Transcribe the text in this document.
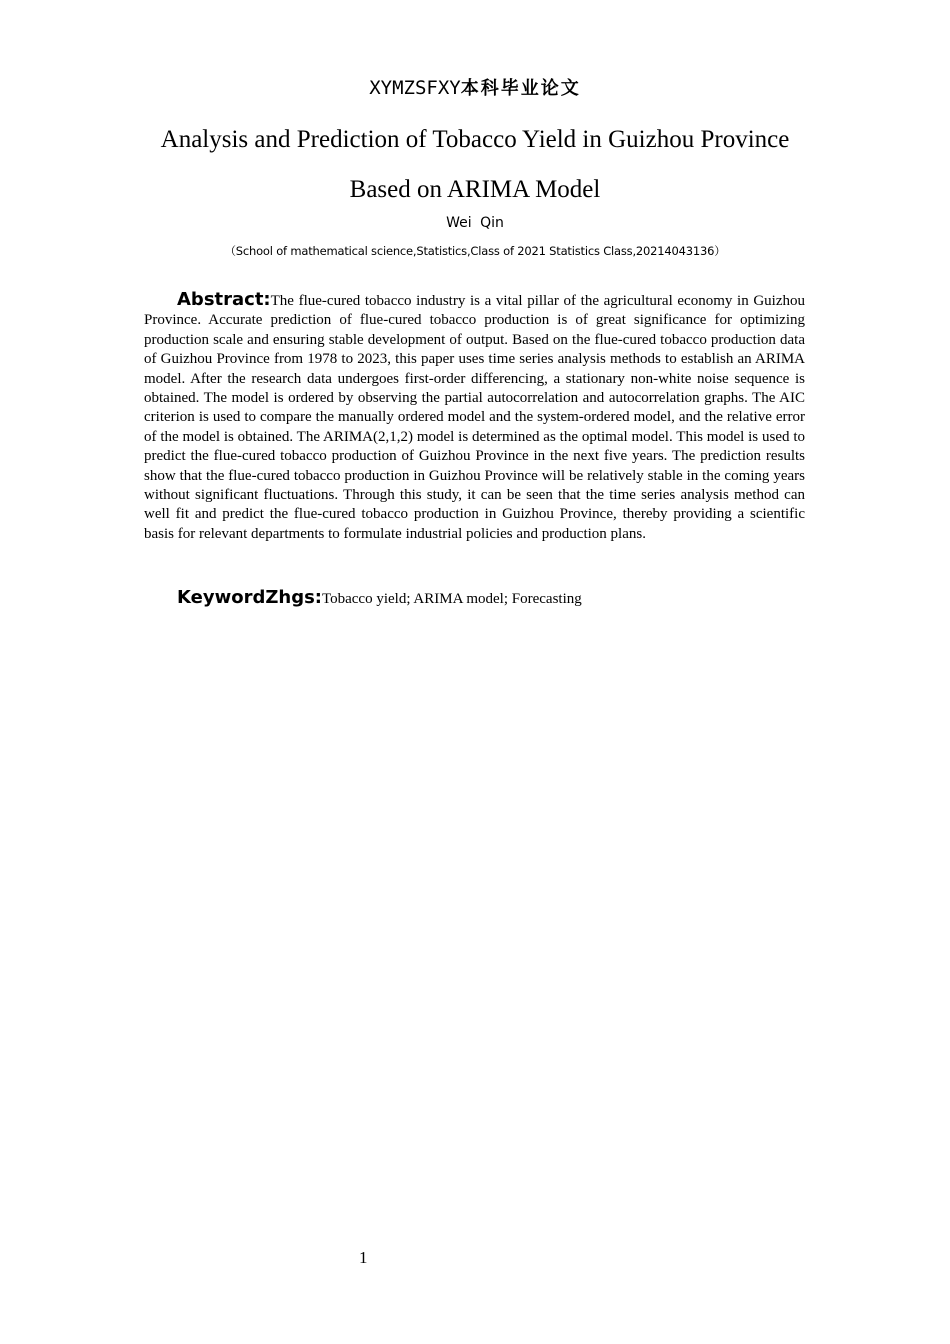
XYMZSFXY本科毕业论文
Analysis and Prediction of Tobacco Yield in Guizhou Province
Based on ARIMA Model
Wei Qin
（School of mathematical science,Statistics,Class of 2021 Statistics Class,20214043136）

Abstract:The flue-cured tobacco industry is a vital pillar of the agricultural economy in Guizhou Province. Accurate prediction of flue-cured tobacco production is of great significance for optimizing production scale and ensuring stable development of output. Based on the flue-cured tobacco production data of Guizhou Province from 1978 to 2023, this paper uses time series analysis methods to establish an ARIMA model. After the research data undergoes first-order differencing, a stationary non-white noise sequence is obtained. The model is ordered by observing the partial autocorrelation and autocorrelation graphs. The AIC criterion is used to compare the manually ordered model and the system-ordered model, and the relative error of the model is obtained. The ARIMA(2,1,2) model is determined as the optimal model. This model is used to predict the flue-cured tobacco production of Guizhou Province in the next five years. The prediction results show that the flue-cured tobacco production in Guizhou Province will be relatively stable in the coming years without significant fluctuations. Through this study, it can be seen that the time series analysis method can well fit and predict the flue-cured tobacco production in Guizhou Province, thereby providing a scientific basis for relevant departments to formulate industrial policies and production plans.

KeywordZhgs:Tobacco yield; ARIMA model; Forecasting

1
